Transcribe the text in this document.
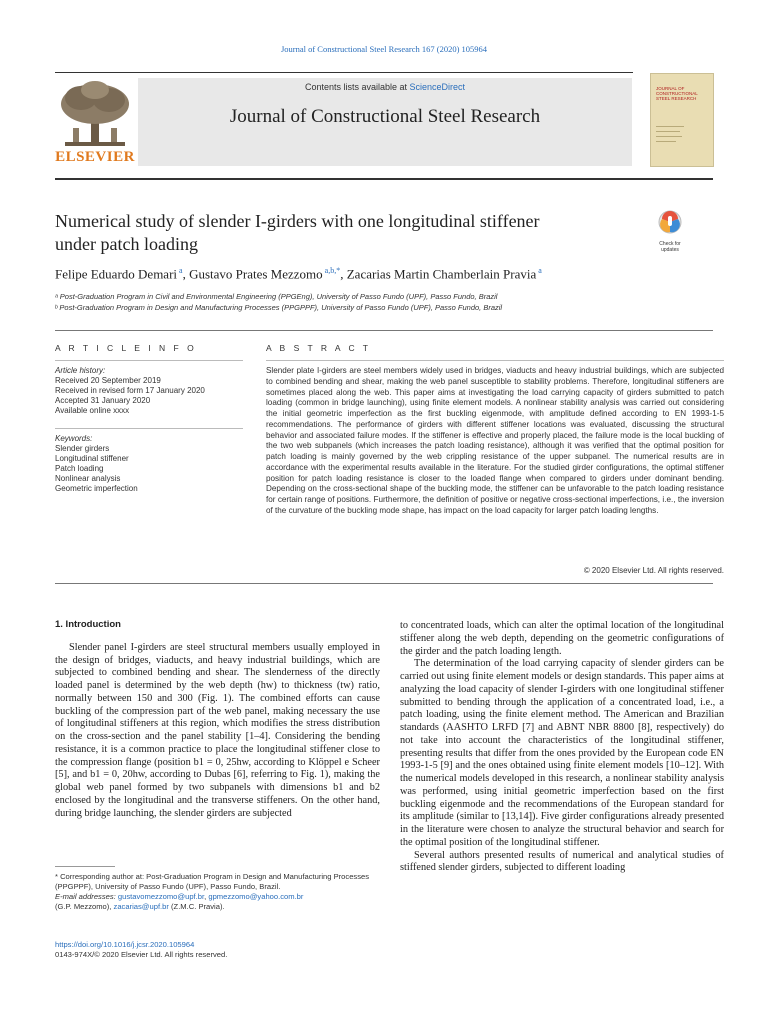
Journal of Constructional Steel Research 167 (2020) 105964
ELSEVIER
Contents lists available at ScienceDirect
Journal of Constructional Steel Research
JOURNAL OF
CONSTRUCTIONAL
STEEL RESEARCH
Numerical study of slender I-girders with one longitudinal stiffener
under patch loading	Check for
updates
Felipe Eduardo Demari $^a$, Gustavo Prates Mezzomo $^{a,b,*}$, Zacarias Martin Chamberlain Pravia $^a$
ᵃ Post-Graduation Program in Civil and Environmental Engineering (PPGEng), University of Passo Fundo (UPF), Passo Fundo, Brazil
ᵇ Post-Graduation Program in Design and Manufacturing Processes (PPGPPF), University of Passo Fundo (UPF), Passo Fundo, Brazil
A R T I C L E I N F O
Article history:
Received 20 September 2019
Received in revised form 17 January 2020
Accepted 31 January 2020
Available online xxxx
Keywords:
Slender girders
Longitudinal stiffener
Patch loading
Nonlinear analysis
Geometric imperfection
A B S T R A C T
Slender plate I-girders are steel members widely used in bridges, viaducts and heavy industrial buildings, which are subjected to combined bending and shear, making the web panel susceptible to stability problems. Therefore, longitudinal stiffeners are sometimes placed along the web. This paper aims at investigating the load carrying capacity of girders submitted to patch loading (common in bridge launching), using finite element models. A nonlinear stability analysis was carried out considering the initial geometric imperfection as the first buckling eigenmode, with amplitude defined according to EN 1993-1-5 recommendations. The performance of girders with different stiffener locations was evaluated, discussing the structural behavior and associated failure modes. If the stiffener is effective and properly placed, the failure mode is the local buckling of the two web subpanels (which increases the patch loading resistance), although it was verified that the optimal position for patch loading is mainly governed by the web crippling resistance of the upper subpanel. The numerical results are in accordance with the experimental results available in the literature. For the studied girder configurations, the optimal stiffener position for patch loading resistance is closer to the loaded flange when compared to girders under dominant bending. Depending on the cross-sectional shape of the buckling mode, the stiffener can be unfavorable to the patch loading resistance for certain range of positions. Furthermore, the definition of positive or negative cross-sectional imperfections, i.e., the inversion of the curvature of the buckling mode shape, has impact on the load capacity for larger patch loading lengths.
© 2020 Elsevier Ltd. All rights reserved.

1. Introduction

Slender panel I-girders are steel structural members usually employed in the design of bridges, viaducts, and heavy industrial buildings, which are subjected to combined bending and shear. The slenderness of the directly loaded panel is determined by the web depth (hw) to thickness (tw) ratio, normally between 150 and 300 (Fig. 1). The combined efforts can cause buckling of the compression part of the web panel, making necessary the use of longitudinal stiffeners at this region, which modifies the stress distribution on the cross-section and the panel stability [1–4]. Considering the bending resistance, it is a common practice to place the longitudinal stiffener close to the compression flange (position b1 = 0, 25hw, according to Klöppel e Scheer [5], and b1 = 0, 20hw, according to Dubas [6], referring to Fig. 1), making the global web panel formed by two subpanels with dimensions b1 and b2 enclosed by the longitudinal and the transverse stiffeners. On the other hand, during bridge launching, the slender girders are subjected

to concentrated loads, which can alter the optimal location of the longitudinal stiffener along the web depth, depending on the geometric configurations of the girder and the patch loading length.

The determination of the load carrying capacity of slender girders can be carried out using finite element models or design standards. This paper aims at analyzing the load capacity of slender I-girders with one longitudinal stiffener submitted to bending through the application of a concentrated load, i.e., a patch loading, using the finite element method. The American and Brazilian standards (AASHTO LRFD [7] and ABNT NBR 8800 [8], respectively) do not take into account the characteristics of the longitudinal stiffener, presenting results that differ from the ones provided by the European code EN 1993-1-5 [9] and the ones obtained using finite element models [10–12]. With the numerical models developed in this research, a nonlinear stability analysis was performed, using initial geometric imperfection based on the first buckling eigenmode and the recommendations of the European standard for its amplitude (similar to [13,14]). Five girder configurations already presented in the literature were chosen to analyze the structural behavior and search for the optimal position of the longitudinal stiffener.

Several authors presented results of numerical and analytical studies of stiffened slender girders, subjected to different loading

* Corresponding author at: Post-Graduation Program in Design and Manufacturing Processes (PPGPPF), University of Passo Fundo (UPF), Passo Fundo, Brazil.
E-mail addresses: gustavomezzomo@upf.br, gpmezzomo@yahoo.com.br
(G.P. Mezzomo), zacarias@upf.br (Z.M.C. Pravia).
https://doi.org/10.1016/j.jcsr.2020.105964
0143-974X/© 2020 Elsevier Ltd. All rights reserved.
